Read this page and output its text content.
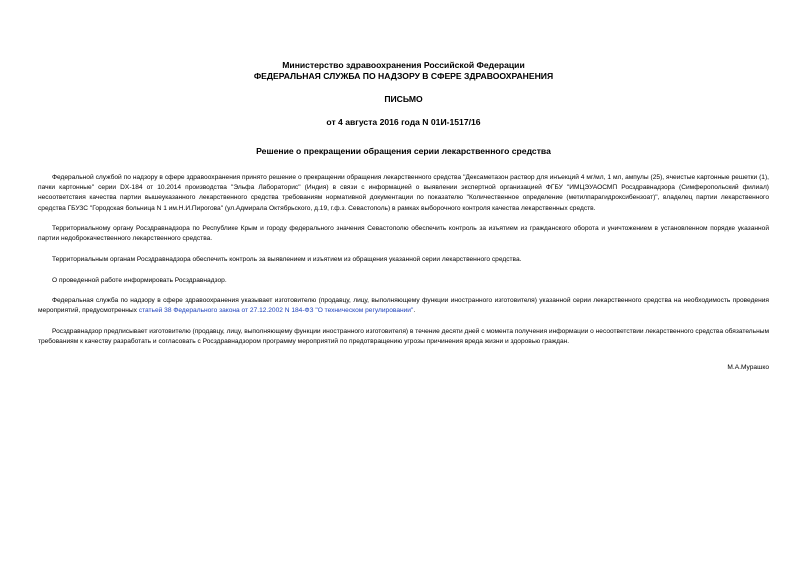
Министерство здравоохранения Российской Федерации
ФЕДЕРАЛЬНАЯ СЛУЖБА ПО НАДЗОРУ В СФЕРЕ ЗДРАВООХРАНЕНИЯ
ПИСЬМО
от 4 августа 2016 года N 01И-1517/16
Решение о прекращении обращения серии лекарственного средства

Федеральной службой по надзору в сфере здравоохранения принято решение о прекращении обращения лекарственного средства "Дексаметазон раствор для инъекций 4 мг/мл, 1 мл, ампулы (25), ячеистые картонные решетки (1), пачки картонные" серии DX-184 от 10.2014 производства "Эльфа Лабораторис" (Индия) в связи с информацией о выявлении экспертной организацией ФГБУ "ИМЦЭУАОСМП Росздравнадзора (Симферопольский филиал) несоответствия качества партии вышеуказанного лекарственного средства требованиям нормативной документации по показателю "Количественное определение (метилпарагидроксибензоат)", владелец партии лекарственного средства ГБУЗС "Городская больница N 1 им.Н.И.Пирогова" (ул.Адмирала Октябрьского, д.19, г.ф.з. Севастополь) в рамках выборочного контроля качества лекарственных средств.

Территориальному органу Росздравнадзора по Республике Крым и городу федерального значения Севастополю обеспечить контроль за изъятием из гражданского оборота и уничтожением в установленном порядке указанной партии недоброкачественного лекарственного средства.

Территориальным органам Росздравнадзора обеспечить контроль за выявлением и изъятием из обращения указанной серии лекарственного средства.

О проведенной работе информировать Росздравнадзор.

Федеральная служба по надзору в сфере здравоохранения указывает изготовителю (продавцу, лицу, выполняющему функции иностранного изготовителя) указанной серии лекарственного средства на необходимость проведения мероприятий, предусмотренных статьей 38 Федерального закона от 27.12.2002 N 184-ФЗ "О техническом регулировании".

Росздравнадзор предписывает изготовителю (продавцу, лицу, выполняющему функции иностранного изготовителя) в течение десяти дней с момента получения информации о несоответствии лекарственного средства обязательным требованиям к качеству разработать и согласовать с Росздравнадзором программу мероприятий по предотвращению угрозы причинения вреда жизни и здоровью граждан.

М.А.Мурашко
